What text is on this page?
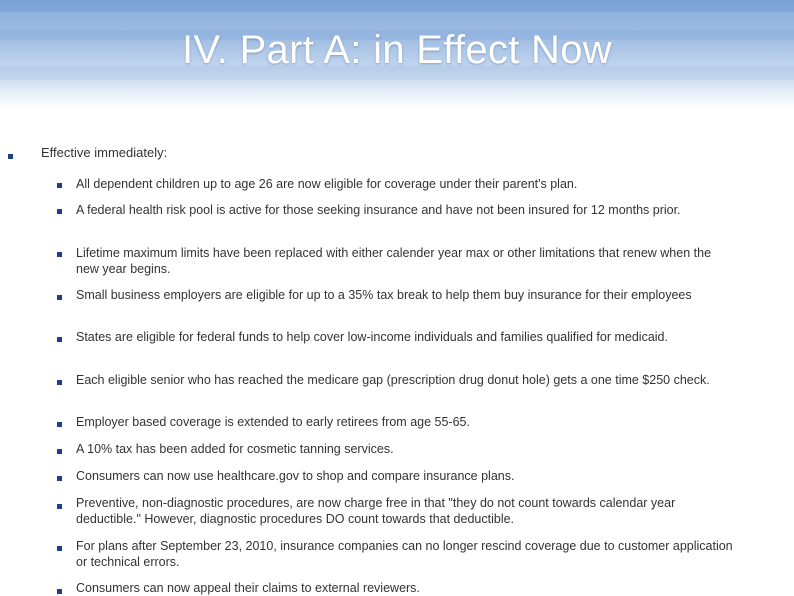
IV. Part A: in Effect Now

Effective immediately:

All dependent children up to age 26 are now eligible for coverage under their parent's plan.

A federal health risk pool is active for those seeking insurance and have not been insured for 12 months prior.

Lifetime maximum limits have been replaced with either calender year max or other limitations that renew when the new year begins.

Small business employers are eligible for up to a 35% tax break to help them buy insurance for their employees

States are eligible for federal funds to help cover low-income individuals and families qualified for medicaid.

Each eligible senior who has reached the medicare gap (prescription drug donut hole) gets a one time $250 check.

Employer based coverage is extended to early retirees from age 55-65.

A 10% tax has been added for cosmetic tanning services.

Consumers can now use healthcare.gov to shop and compare insurance plans.

Preventive, non-diagnostic procedures, are now charge free in that "they do not count towards calendar year deductible." However, diagnostic procedures DO count towards that deductible.

For plans after September 23, 2010, insurance companies can no longer rescind coverage due to customer application or technical errors.

Consumers can now appeal their claims to external reviewers.
